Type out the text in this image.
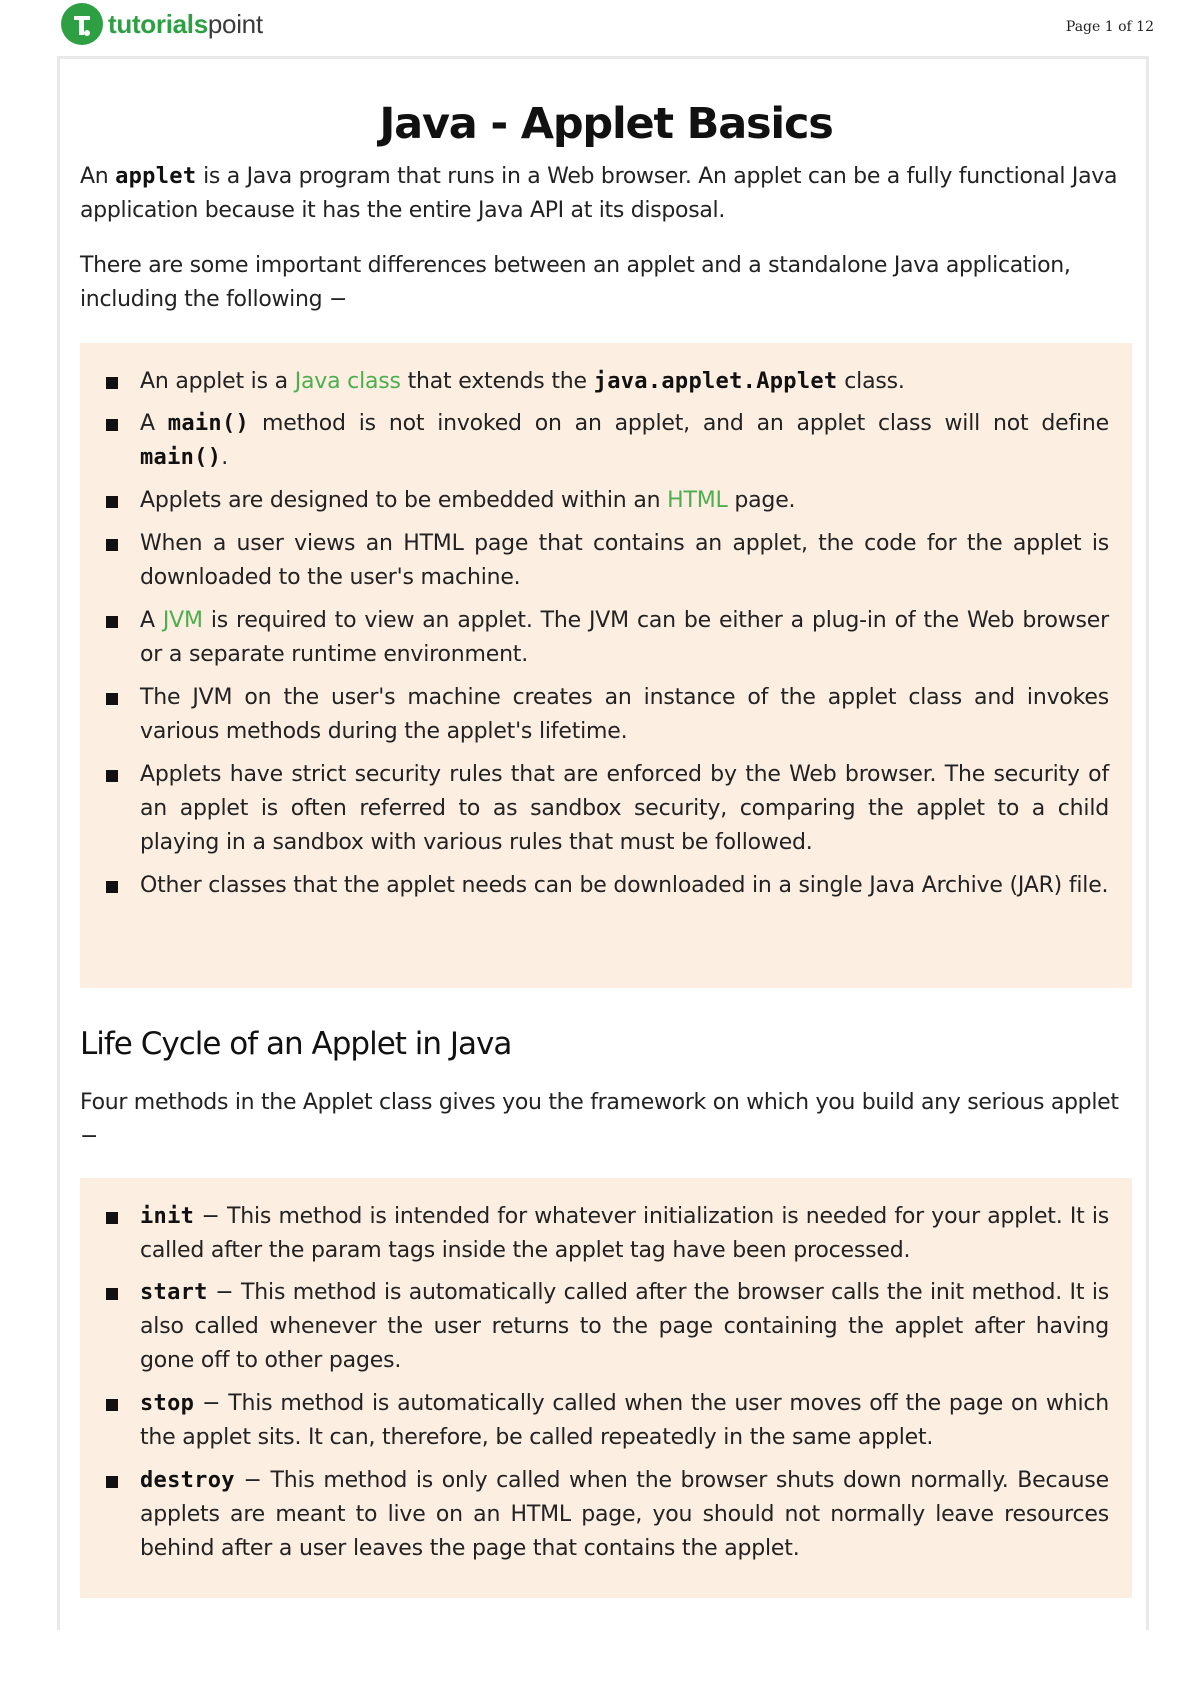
tutorialspoint	Page 1 of 12
Java - Applet Basics

An applet is a Java program that runs in a Web browser. An applet can be a fully functional Java application because it has the entire Java API at its disposal.

There are some important differences between an applet and a standalone Java application, including the following −

An applet is a Java class that extends the java.applet.Applet class.
A main() method is not invoked on an applet, and an applet class will not define main().
Applets are designed to be embedded within an HTML page.
When a user views an HTML page that contains an applet, the code for the applet is downloaded to the user's machine.
A JVM is required to view an applet. The JVM can be either a plug-in of the Web browser or a separate runtime environment.
The JVM on the user's machine creates an instance of the applet class and invokes various methods during the applet's lifetime.
Applets have strict security rules that are enforced by the Web browser. The security of an applet is often referred to as sandbox security, comparing the applet to a child playing in a sandbox with various rules that must be followed.
Other classes that the applet needs can be downloaded in a single Java Archive (JAR) file.
Life Cycle of an Applet in Java

Four methods in the Applet class gives you the framework on which you build any serious applet −

init − This method is intended for whatever initialization is needed for your applet. It is called after the param tags inside the applet tag have been processed.
start − This method is automatically called after the browser calls the init method. It is also called whenever the user returns to the page containing the applet after having gone off to other pages.
stop − This method is automatically called when the user moves off the page on which the applet sits. It can, therefore, be called repeatedly in the same applet.
destroy − This method is only called when the browser shuts down normally. Because applets are meant to live on an HTML page, you should not normally leave resources behind after a user leaves the page that contains the applet.
